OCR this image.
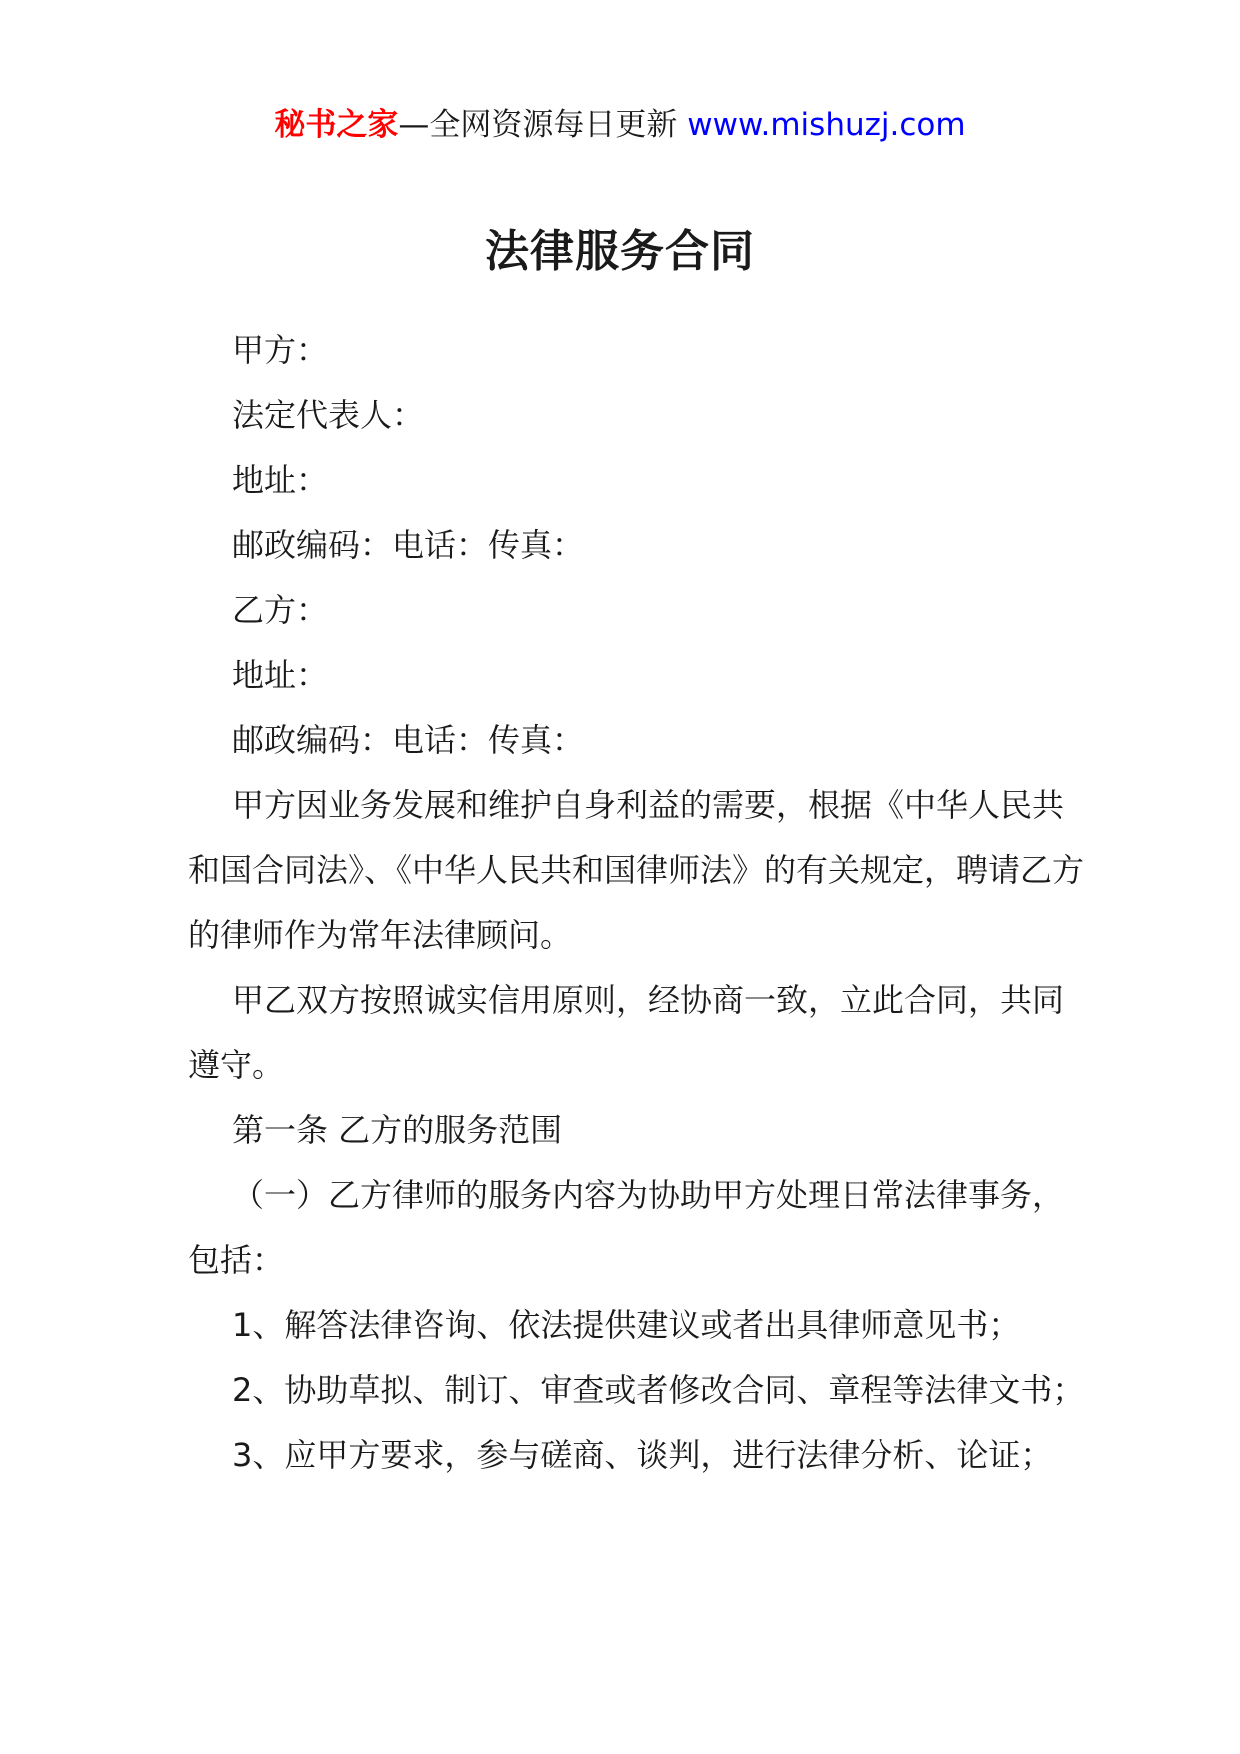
秘书之家—全网资源每日更新 www.mishuzj.com
法律服务合同

甲方：

法定代表人：

地址：

邮政编码：电话：传真：

乙方：

地址：

邮政编码：电话：传真：

甲方因业务发展和维护自身利益的需要，根据《中华人民共和国合同法》、《中华人民共和国律师法》的有关规定，聘请乙方的律师作为常年法律顾问。

甲乙双方按照诚实信用原则，经协商一致，立此合同，共同遵守。

第一条 乙方的服务范围

（一）乙方律师的服务内容为协助甲方处理日常法律事务，包括：

1、解答法律咨询、依法提供建议或者出具律师意见书；

2、协助草拟、制订、审查或者修改合同、章程等法律文书；

3、应甲方要求，参与磋商、谈判，进行法律分析、论证；
